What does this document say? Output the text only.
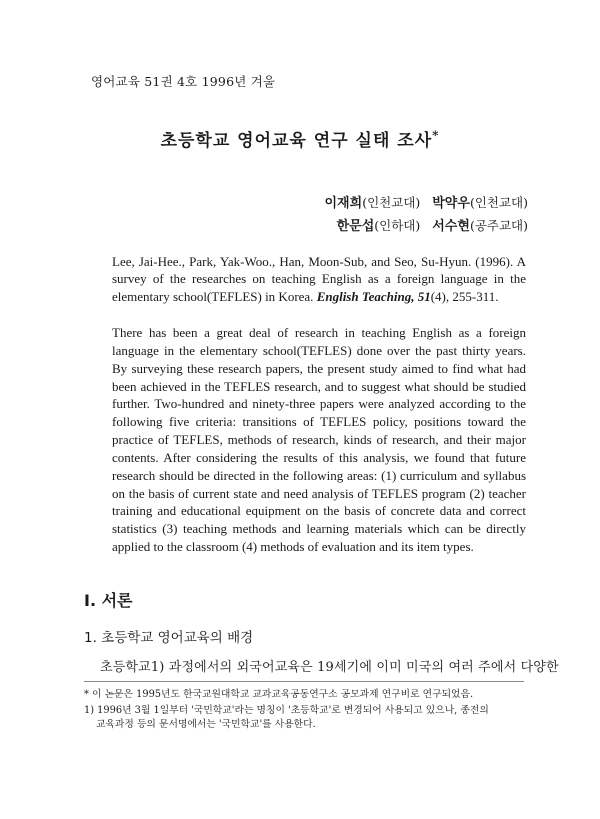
영어교육 51권 4호 1996년 겨울
초등학교 영어교육 연구 실태 조사*
이재희(인천교대) 박약우(인천교대)
한문섭(인하대) 서수현(공주교대)
Lee, Jai-Hee., Park, Yak-Woo., Han, Moon-Sub, and Seo, Su-Hyun. (1996). A survey of the researches on teaching English as a foreign language in the elementary school(TEFLES) in Korea. English Teaching, 51(4), 255-311.
There has been a great deal of research in teaching English as a foreign language in the elementary school(TEFLES) done over the past thirty years. By surveying these research papers, the present study aimed to find what had been achieved in the TEFLES research, and to suggest what should be studied further. Two-hundred and ninety-three papers were analyzed according to the following five criteria: transitions of TEFLES policy, positions toward the practice of TEFLES, methods of research, kinds of research, and their major contents. After considering the results of this analysis, we found that future research should be directed in the following areas: (1) curriculum and syllabus on the basis of current state and need analysis of TEFLES program (2) teacher training and educational equipment on the basis of concrete data and correct statistics (3) teaching methods and learning materials which can be directly applied to the classroom (4) methods of evaluation and its item types.
I. 서론
1. 초등학교 영어교육의 배경
초등학교1) 과정에서의 외국어교육은 19세기에 이미 미국의 여러 주에서 다양한
* 이 논문은 1995년도 한국교원대학교 교과교육공동연구소 공모과제 연구비로 연구되었음.
1) 1996년 3월 1일부터 '국민학교'라는 명칭이 '초등학교'로 변경되어 사용되고 있으나, 종전의
교육과정 등의 문서명에서는 '국민학교'를 사용한다.
